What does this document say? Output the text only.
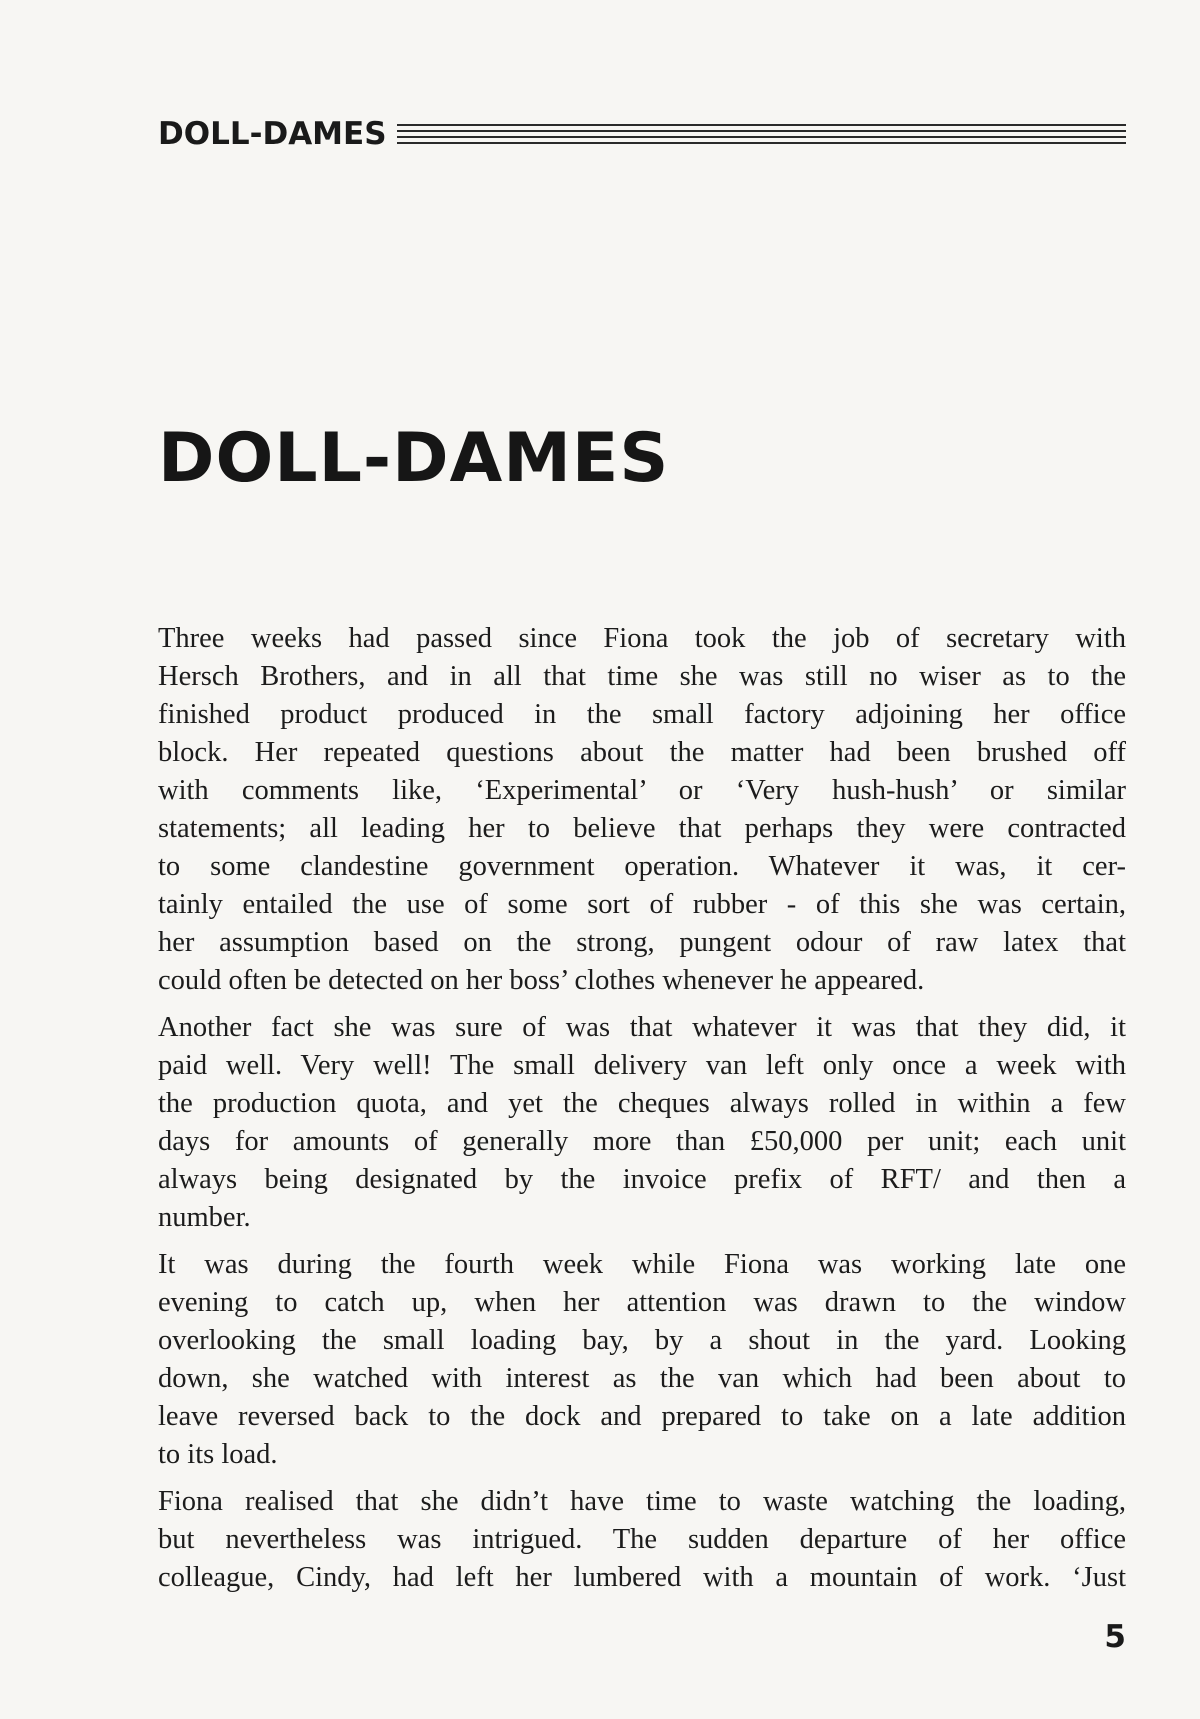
DOLL-DAMES
DOLL-DAMES

Three weeks had passed since Fiona took the job of secretary with
Hersch Brothers, and in all that time she was still no wiser as to the
finished product produced in the small factory adjoining her office
block. Her repeated questions about the matter had been brushed off
with comments like, ‘Experimental’ or ‘Very hush-hush’ or similar
statements; all leading her to believe that perhaps they were contracted
to some clandestine government operation. Whatever it was, it cer-
tainly entailed the use of some sort of rubber - of this she was certain,
her assumption based on the strong, pungent odour of raw latex that
could often be detected on her boss’ clothes whenever he appeared.

Another fact she was sure of was that whatever it was that they did, it
paid well. Very well! The small delivery van left only once a week with
the production quota, and yet the cheques always rolled in within a few
days for amounts of generally more than £50,000 per unit; each unit
always being designated by the invoice prefix of RFT/ and then a
number.

It was during the fourth week while Fiona was working late one
evening to catch up, when her attention was drawn to the window
overlooking the small loading bay, by a shout in the yard. Looking
down, she watched with interest as the van which had been about to
leave reversed back to the dock and prepared to take on a late addition
to its load.

Fiona realised that she didn’t have time to waste watching the loading,
but nevertheless was intrigued. The sudden departure of her office
colleague, Cindy, had left her lumbered with a mountain of work. ‘Just

5
